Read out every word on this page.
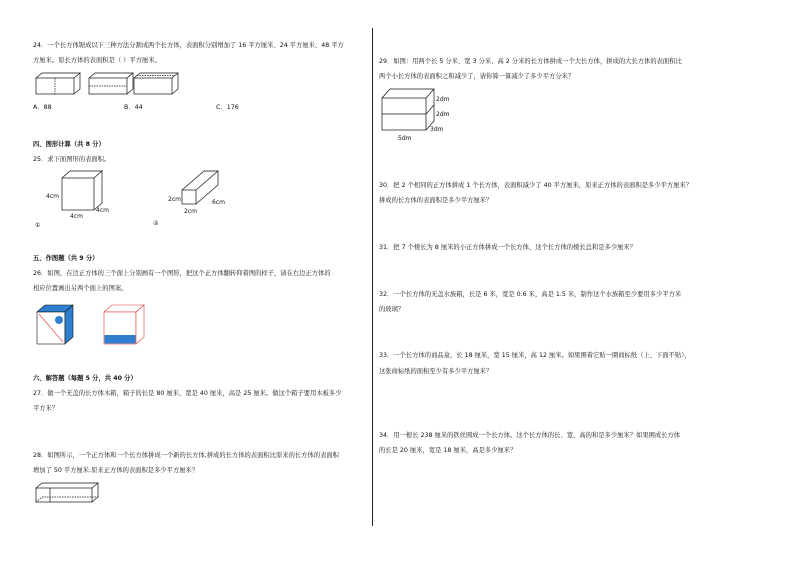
24．一个长方体锯成以下三种方法分割成两个长方体，表面积分别增加了 16 平方厘米、24 平方厘米、48 平方
方厘米。原长方体的表面积是（ ）平方厘米。
A．88	B．44	C．176
四、图形计算（共 8 分）
25．求下面图形的表面积。
4cm
4cm
4cm
①
2cm
2cm
6cm
②
五、作图题（共 9 分）
26．如图，在边正方体的三个面上分别画有一个图形，把这个正方体翻转仰着图的样子，请在右边正方体的
相应位置画出另两个面上的图案。
六、解答题（每题 5 分，共 40 分）
27．做一个无盖的长方体木箱，箱子的长是 80 厘米，宽是 40 厘米，高是 25 厘米。做这个箱子要用木板多少
平方米？
28．如图所示，一个正方体和一个长方体拼成一个新的长方体,拼成的长方体的表面积比原来的长方体的表面积
增加了 50 平方厘米.原来正方体的表面积是多少平方厘米？
29．如图：用两个长 5 分米、宽 3 分米、高 2 分米的长方体拼成一个大长方体，拼成的大长方体的表面积比
两个小长方体的表面积之和减少了，请你算一算减少了多少平方分米？
2dm
2dm
3dm
5dm
30．把 2 个相同的正方体拼成 1 个长方体，表面积减少了 40 平方厘米，原来正方体的表面积是多少平方厘米？
拼成的长方体的表面积是多少平方厘米？
31．把 7 个棱长为 8 厘米的小正方体拼成一个长方体，这个长方体的棱长总和是多少厘米？
32．一个长方体的无盖水族箱，长是 6 米，宽是 0.6 米，高是 1.5 米，制作这个水族箱至少要用多少平方米
的玻璃？
33．一个长方体的商品盒，长 18 厘米，宽 15 厘米，高 12 厘米。如果围着它贴一圈商标纸（上、下面不贴），
这张商标纸的面积至少有多少平方厘米？
34．用一根长 238 厘米的铁丝围成一个长方体。这个长方体的长、宽、高的和是多少厘米？如果围成长方体
的长是 20 厘米，宽是 18 厘米，高是多少厘米？
